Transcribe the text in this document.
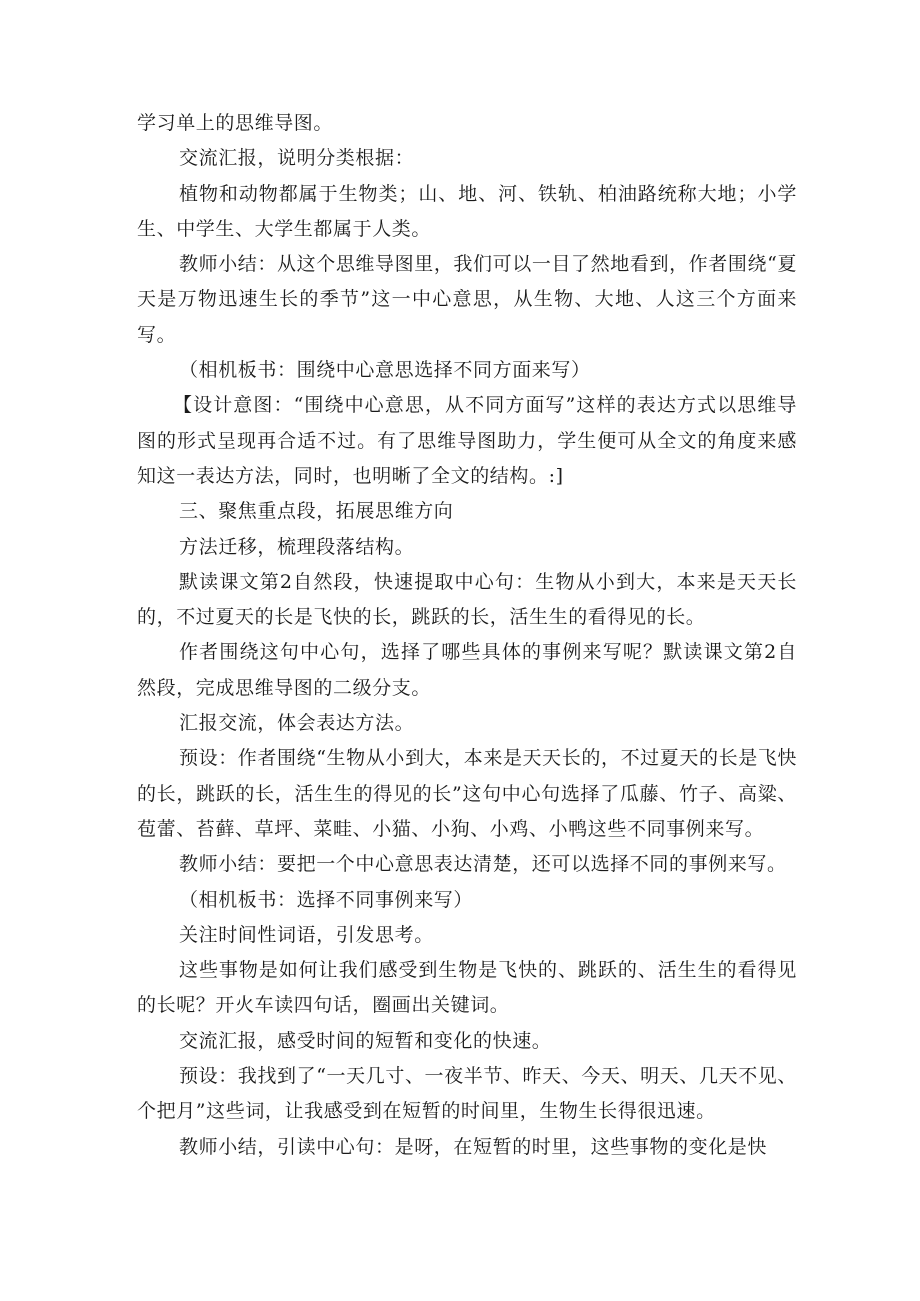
学习单上的思维导图。

交流汇报，说明分类根据：

植物和动物都属于生物类；山、地、河、铁轨、柏油路统称大地；小学生、中学生、大学生都属于人类。

教师小结：从这个思维导图里，我们可以一目了然地看到，作者围绕“夏天是万物迅速生长的季节”这一中心意思，从生物、大地、人这三个方面来写。

（相机板书：围绕中心意思选择不同方面来写）

【设计意图：“围绕中心意思，从不同方面写”这样的表达方式以思维导图的形式呈现再合适不过。有了思维导图助力，学生便可从全文的角度来感知这一表达方法，同时，也明晰了全文的结构。:]

三、聚焦重点段，拓展思维方向

方法迁移，梳理段落结构。

默读课文第2自然段，快速提取中心句：生物从小到大，本来是天天长的，不过夏天的长是飞快的长，跳跃的长，活生生的看得见的长。

作者围绕这句中心句，选择了哪些具体的事例来写呢？默读课文第2自然段，完成思维导图的二级分支。

汇报交流，体会表达方法。

预设：作者围绕“生物从小到大，本来是天天长的，不过夏天的长是飞快的长，跳跃的长，活生生的得见的长”这句中心句选择了瓜藤、竹子、高粱、苞蕾、苔藓、草坪、菜畦、小猫、小狗、小鸡、小鸭这些不同事例来写。

教师小结：要把一个中心意思表达清楚，还可以选择不同的事例来写。

（相机板书：选择不同事例来写）

关注时间性词语，引发思考。

这些事物是如何让我们感受到生物是飞快的、跳跃的、活生生的看得见的长呢？开火车读四句话，圈画出关键词。

交流汇报，感受时间的短暂和变化的快速。

预设：我找到了“一天几寸、一夜半节、昨天、今天、明天、几天不见、个把月”这些词，让我感受到在短暂的时间里，生物生长得很迅速。

教师小结，引读中心句：是呀，在短暂的时里，这些事物的变化是快
